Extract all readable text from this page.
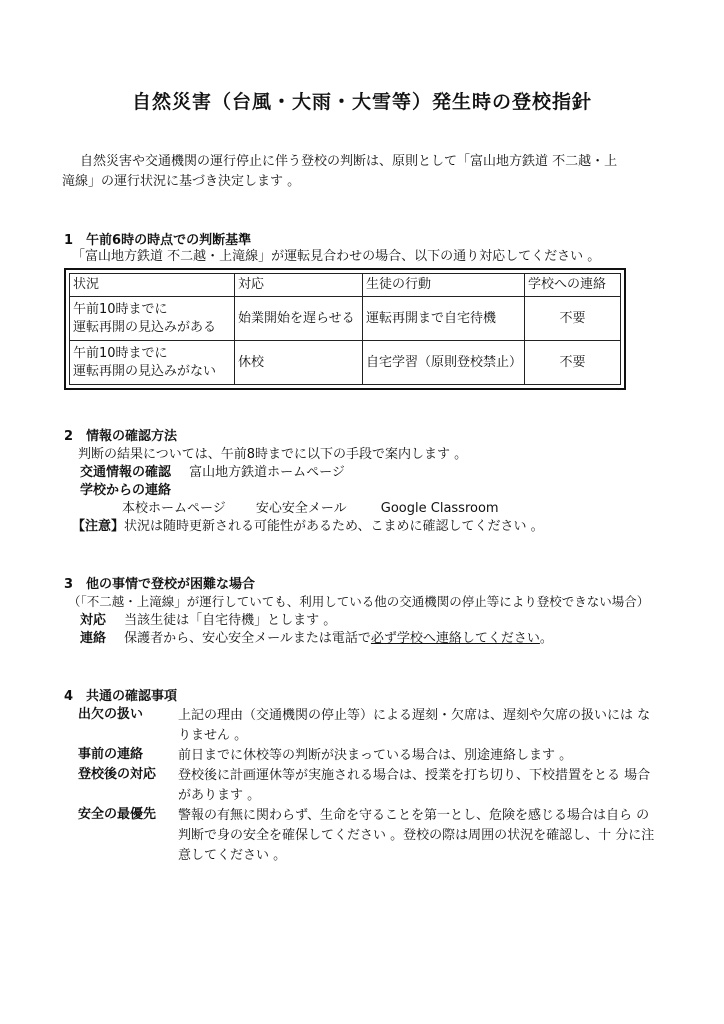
自然災害（台風・大雨・大雪等）発生時の登校指針
自然災害や交通機関の運行停止に伴う登校の判断は、原則として「富山地方鉄道 不二越・上
滝線」の運行状況に基づき決定します 。
1　午前6時の時点での判断基準
「富山地方鉄道 不二越・上滝線」が運転見合わせの場合、以下の通り対応してください 。
状況	対応	生徒の行動	学校への連絡

午前10時までに
運転再開の見込みがある	始業開始を遅らせる	運転再開まで自宅待機	不要

午前10時までに
運転再開の見込みがない	休校	自宅学習（原則登校禁止）	不要
2　情報の確認方法
判断の結果については、午前8時までに以下の手段で案内します 。
交通情報の確認 富山地方鉄道ホームページ
学校からの連絡
本校ホームページ 安心安全メール	Google Classroom
【注意】状況は随時更新される可能性があるため、こまめに確認してください 。
3　他の事情で登校が困難な場合
（「不二越・上滝線」が運行していても、利用している他の交通機関の停止等により登校できない場合）
対応 当該生徒は「自宅待機」とします 。
連絡 保護者から、安心安全メールまたは電話で必ず学校へ連絡してください。
4　共通の確認事項
出欠の扱い	上記の理由（交通機関の停止等）による遅刻・欠席は、遅刻や欠席の扱いには なりません 。
事前の連絡	前日までに休校等の判断が決まっている場合は、別途連絡します 。
登校後の対応	登校後に計画運休等が実施される場合は、授業を打ち切り、下校措置をとる 場合があります 。
安全の最優先	警報の有無に関わらず、生命を守ることを第一とし、危険を感じる場合は自ら の判断で身の安全を確保してください 。登校の際は周囲の状況を確認し、十 分に注意してください 。
